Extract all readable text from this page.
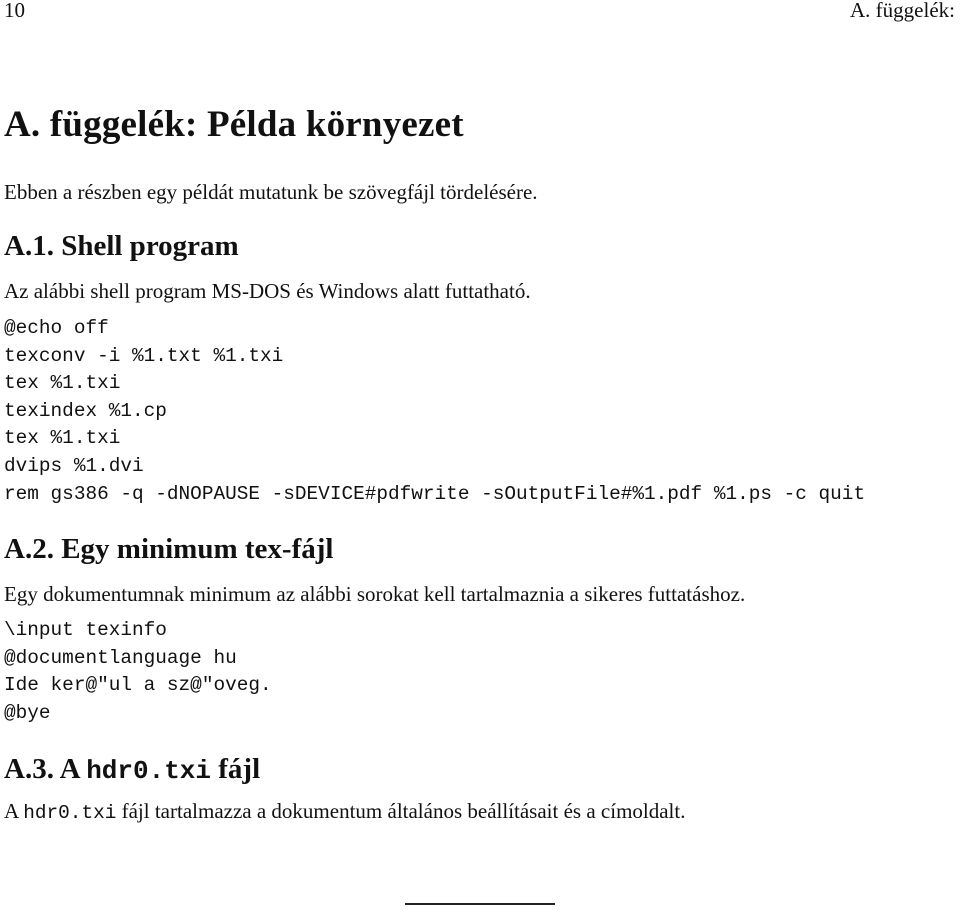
10	A. függelék:
A. függelék: Példa környezet
Ebben a részben egy példát mutatunk be szövegfájl tördelésére.
A.1. Shell program
Az alábbi shell program MS-DOS és Windows alatt futtatható.
@echo off
texconv -i %1.txt %1.txi
tex %1.txi
texindex %1.cp
tex %1.txi
dvips %1.dvi
rem gs386 -q -dNOPAUSE -sDEVICE#pdfwrite -sOutputFile#%1.pdf %1.ps -c quit
A.2. Egy minimum tex-fájl
Egy dokumentumnak minimum az alábbi sorokat kell tartalmaznia a sikeres futtatáshoz.
\input texinfo
@documentlanguage hu
Ide ker@"ul a sz@"oveg.
@bye
A.3. A hdr0.txi fájl
A hdr0.txi fájl tartalmazza a dokumentum általános beállításait és a címoldalt.
